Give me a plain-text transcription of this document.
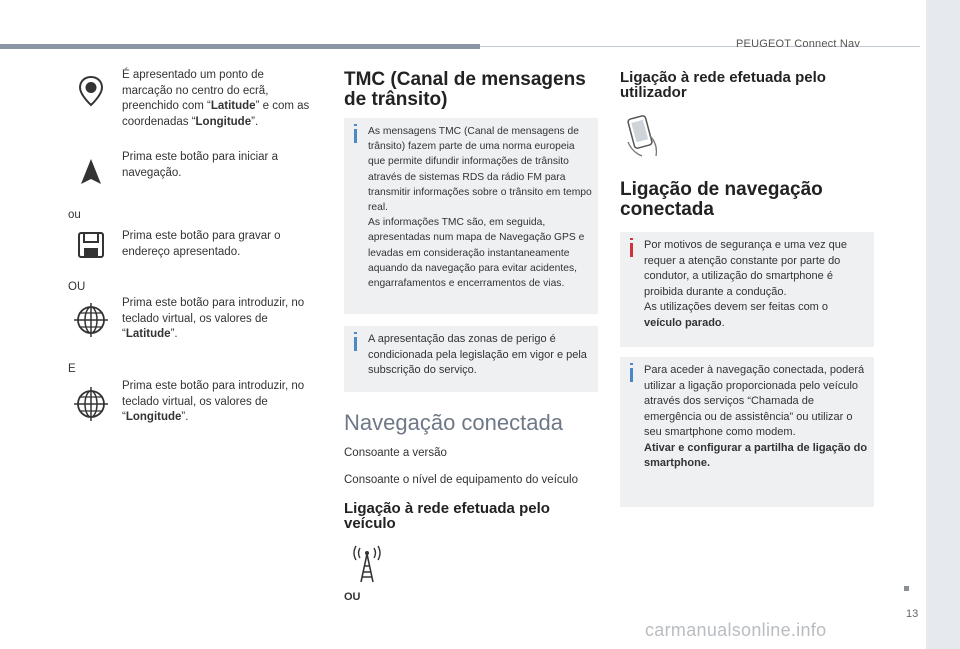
PEUGEOT Connect Nav
É apresentado um ponto de marcação no centro do ecrã, preenchido com “Latitude” e com as coordenadas “Longitude”.
Prima este botão para iniciar a navegação.
ou
Prima este botão para gravar o endereço apresentado.
OU
Prima este botão para introduzir, no teclado virtual, os valores de “Latitude”.
E
Prima este botão para introduzir, no teclado virtual, os valores de “Longitude”.
TMC (Canal de mensagens
de trânsito)

As mensagens TMC (Canal de mensagens de trânsito) fazem parte de uma norma europeia que permite difundir informações de trânsito através de sistemas RDS da rádio FM para transmitir informações sobre o trânsito em tempo real.

As informações TMC são, em seguida, apresentadas num mapa de Navegação GPS e levadas em consideração instantaneamente aquando da navegação para evitar acidentes, engarrafamentos e encerramentos de vias.

A apresentação das zonas de perigo é condicionada pela legislação em vigor e pela subscrição do serviço.

Navegação conectada
Consoante a versão
Consoante o nível de equipamento do veículo
Ligação à rede efetuada pelo
veículo
OU
Ligação à rede efetuada pelo
utilizador
Ligação de navegação
conectada

Por motivos de segurança e uma vez que requer a atenção constante por parte do condutor, a utilização do smartphone é proibida durante a condução.

As utilizações devem ser feitas com o veículo parado.

Para aceder à navegação conectada, poderá utilizar a ligação proporcionada pelo veículo através dos serviços “Chamada de emergência ou de assistência” ou utilizar o seu smartphone como modem.

Ativar e configurar a partilha de ligação do smartphone.

13
carmanualsonline.info
